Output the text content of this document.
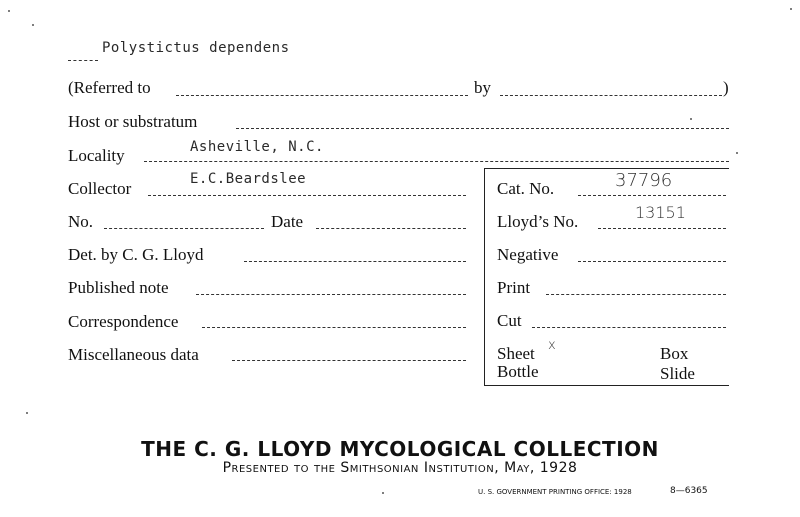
Polystictus dependens
(Referred to	by	)
Host or substratum
Locality	Asheville, N.C.
Collector	E.C.Beardslee
No.	Date
Det. by C. G. Lloyd
Published note
Correspondence
Miscellaneous data
Cat. No.	37796
Lloyd’s No.	13151
Negative
Print
Cut
Sheet x	Box
Bottle	Slide
THE C. G. LLOYD MYCOLOGICAL COLLECTION
Presented to the Smithsonian Institution, May, 1928
U. S. GOVERNMENT PRINTING OFFICE: 1928	8—6365
